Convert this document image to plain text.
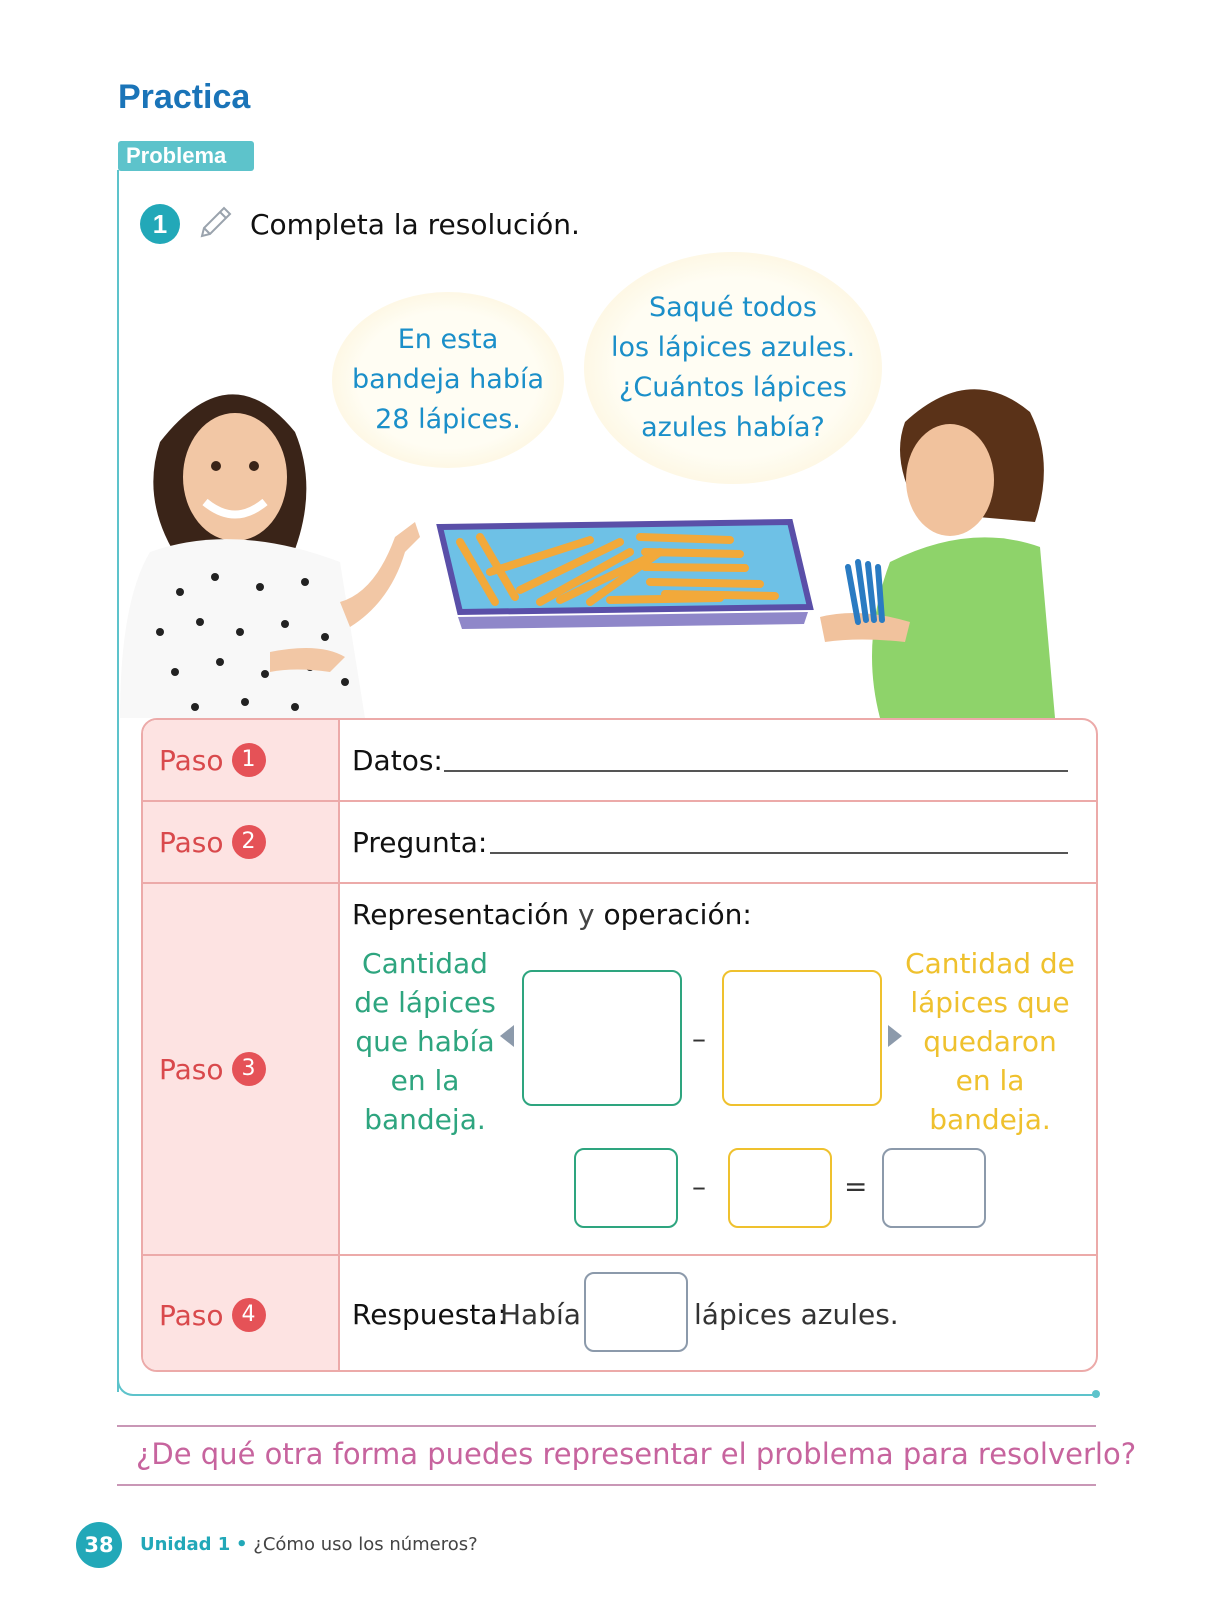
Practica
Problema
1	Completa la resolución.
En esta
bandeja había
28 lápices.
Saqué todos
los lápices azules.
¿Cuántos lápices
azules había?
Paso 1	Datos:
Paso 2	Pregunta:
Paso 3
Representación y operación:
Cantidad
de lápices
que había
en la
bandeja.
–
Cantidad de
lápices que
quedaron
en la
bandeja.
–	=
Paso 4	Respuesta:
Había	lápices azules.
¿De qué otra forma puedes representar el problema para resolverlo?
38	Unidad 1 • ¿Cómo uso los números?
